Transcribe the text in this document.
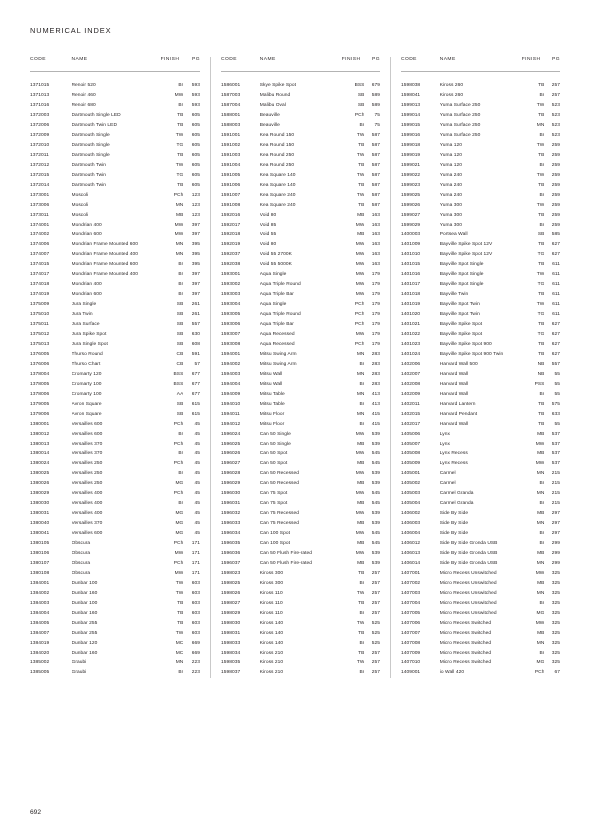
NUMERICAL INDEX
CODE	NAME	FINISH	PG

1371015	Renoir 520	Br	593
1371013	Renoir 460	MW	593
1371016	Renoir 680	Br	593
1372003	Dartmouth Single LED	TB	605
1372006	Dartmouth Twin LED	TB	605
1372009	Dartmouth Single	TW	605
1372010	Dartmouth Single	TG	605
1372011	Dartmouth Single	TB	605
1372012	Dartmouth Twin	TW	605
1372015	Dartmouth Twin	TG	605
1372014	Dartmouth Twin	TB	605
1373001	Moscoli	PCh	123
1373006	Moscoli	MN	123
1373011	Moscoli	MB	123
1374001	Mondrian 400	MW	397
1374002	Mondrian 600	MW	397
1374006	Mondrian Frame Mounted 600	MN	395
1374007	Mondrian Frame Mounted 400	MN	395
1374015	Mondrian Frame Mounted 600	Br	395
1374017	Mondrian Frame Mounted 400	Br	397
1374018	Mondrian 400	Br	397
1374019	Mondrian 600	Br	397
1375009	Jura Single	SB	261
1375010	Jura Twin	SB	261
1375011	Jura Surface	SB	557
1375012	Jura Spike Spot	SB	630
1375013	Jura Single Spot	SB	608
1376005	Thurso Round	CB	591
1376006	Thurso Chart	CB	57
1378004	Cromarty 120	BSS	677
1378005	Cromarty 100	BSS	677
1378006	Cromarty 100	AA	677
1379005	Avron Square	SB	615
1379006	Avron Square	SB	615
1380001	Versailles 600	PCh	45
1380012	Versailles 600	Br	45
1380013	Versailles 370	PCh	45
1380014	Versailles 370	Br	45
1380024	Versailles 250	PCh	45
1380025	Versailles 250	Br	45
1380026	Versailles 250	MG	45
1380029	Versailles 400	PCh	45
1380030	Versailles 400	Br	45
1380031	Versailles 400	MG	45
1380040	Versailles 370	MG	45
1380041	Versailles 600	MG	45
1380105	Obscura	PCh	171
1380106	Obscura	MW	171
1380107	Obscura	PCh	171
1380108	Obscura	MW	171
1384001	Dunbar 100	TW	603
1384002	Dunbar 160	TW	603
1384003	Dunbar 100	TB	603
1384004	Dunbar 160	TB	603
1384005	Dunbar 255	TB	603
1384007	Dunbar 255	TW	603
1384019	Dunbar 120	MC	669
1384020	Dunbar 160	MC	669
1385002	Graubi	MN	223
1385005	Graubi	Br	223
CODE	NAME	FINISH	PG

1586001	Skye Spike Spot	BSS	679
1587003	Malibu Round	SB	589
1587004	Malibu Oval	SB	589
1588001	Beauville	PCh	75
1588003	Beauville	Br	75
1591001	Kea Round 150	TW	587
1591002	Kea Round 150	TB	587
1591003	Kea Round 250	TW	587
1591004	Kea Round 250	TB	587
1591005	Kea Square 140	TW	587
1591006	Kea Square 140	TB	587
1591007	Kea Square 240	TW	587
1591008	Kea Square 240	TB	587
1592016	Void 80	MB	163
1592017	Void 85	MW	163
1592018	Void 55	MB	163
1592019	Void 80	MW	163
1592037	Void 55 2700K	MW	163
1592038	Void 55 5000K	MW	163
1593001	Aqua Single	MW	179
1593002	Aqua Triple Round	MW	179
1593003	Aqua Triple Bar	MW	179
1593004	Aqua Single	PCh	179
1593005	Aqua Triple Round	PCh	179
1593006	Aqua Triple Bar	PCh	179
1593007	Aqua Recessed	MW	179
1593008	Aqua Recessed	PCh	179
1594001	Mitsu Swing Arm	MN	283
1594002	Mitsu Swing Arm	Br	283
1594003	Mitsu Wall	MN	283
1594004	Mitsu Wall	Br	283
1594009	Mitsu Table	MN	413
1594010	Mitsu Table	Br	413
1594011	Mitsu Floor	MN	415
1594012	Mitsu Floor	Br	415
1596024	Can 50 Single	MW	539
1596025	Can 50 Single	MB	539
1596026	Can 50 Spot	MW	545
1596027	Can 50 Spot	MB	545
1596028	Can 50 Recessed	MW	539
1596029	Can 50 Recessed	MB	539
1596030	Can 75 Spot	MW	545
1596031	Can 75 Spot	MB	545
1596032	Can 75 Recessed	MW	539
1596033	Can 75 Recessed	MB	539
1596034	Can 100 Spot	MW	545
1596035	Can 100 Spot	MB	545
1596036	Can 50 Flush Fire-rated	MW	539
1596037	Can 50 Flush Fire-rated	MB	539
1598023	Kiross 300	TB	257
1598025	Kiross 300	Br	257
1598026	Kiross 110	TW	257
1598027	Kiross 110	TB	257
1598029	Kiross 110	Br	257
1598030	Kiross 140	TW	525
1598031	Kiross 140	TB	525
1598033	Kiross 140	Br	525
1598034	Kiross 210	TB	257
1598035	Kiross 210	TW	257
1598037	Kiross 210	Br	257
CODE	NAME	FINISH	PG

1598038	Kiross 260	TB	257
1598041	Kiross 260	Br	257
1599013	Yuma Surface 250	TW	523
1599014	Yuma Surface 250	TB	523
1599015	Yuma Surface 250	MN	523
1599016	Yuma Surface 250	Br	523
1599018	Yuma 120	TW	259
1599019	Yuma 120	TB	259
1599021	Yuma 120	Br	259
1599022	Yuma 240	TW	259
1599023	Yuma 240	TB	259
1599025	Yuma 240	Br	259
1599026	Yuma 300	TW	259
1599027	Yuma 300	TB	259
1599029	Yuma 300	Br	259
1400003	Portsea Wall	SB	585
1401009	Bayville Spike Spot 12V	TB	627
1401010	Bayville Spike Spot 12V	TG	627
1401015	Bayville Spot Single	TB	611
1401016	Bayville Spot Single	TW	611
1401017	Bayville Spot Single	TG	611
1401018	Bayville Twin	TB	611
1401019	Bayville Spot Twin	TW	611
1401020	Bayville Spot Twin	TG	611
1401021	Bayville Spike Spot	TB	627
1401022	Bayville Spike Spot	TG	627
1401023	Bayville Spike Spot 900	TB	627
1401024	Bayville Spike Spot 900 Twin	TB	627
1402006	Harvard Wall 500	NB	557
1402007	Harvard Wall	NB	55
1402008	Harvard Wall	PSS	55
1402009	Harvard Wall	Br	55
1402011	Harvard Lantern	TB	575
1402015	Harvard Pendant	TB	633
1402017	Harvard Wall	TB	55
1405006	Lynx	MB	537
1405007	Lynx	MW	537
1405008	Lynx Recess	MB	537
1405009	Lynx Recess	MW	537
1405001	Carmel	MN	215
1405002	Carmel	Br	215
1405003	Carmel Granda	MN	215
1405004	Carmel Granda	Br	215
1406002	Side By Side	MB	297
1406003	Side By Side	MN	297
1406004	Side By Side	Br	297
1406012	Side By Side Gronda USB	Br	299
1406013	Side By Side Gronda USB	MB	299
1406014	Side By Side Gronda USB	MN	299
1407001	Micro Recess Unswitched	MW	325
1407002	Micro Recess Unswitched	MB	325
1407003	Micro Recess Unswitched	MN	325
1407004	Micro Recess Unswitched	Br	325
1407005	Micro Recess Unswitched	MG	325
1407006	Micro Recess Switched	MW	325
1407007	Micro Recess Switched	MB	325
1407008	Micro Recess Switched	MN	325
1407009	Micro Recess Switched	Br	325
1407010	Micro Recess Switched	MG	325
1409001	io Wall 420	PCh	67
692
